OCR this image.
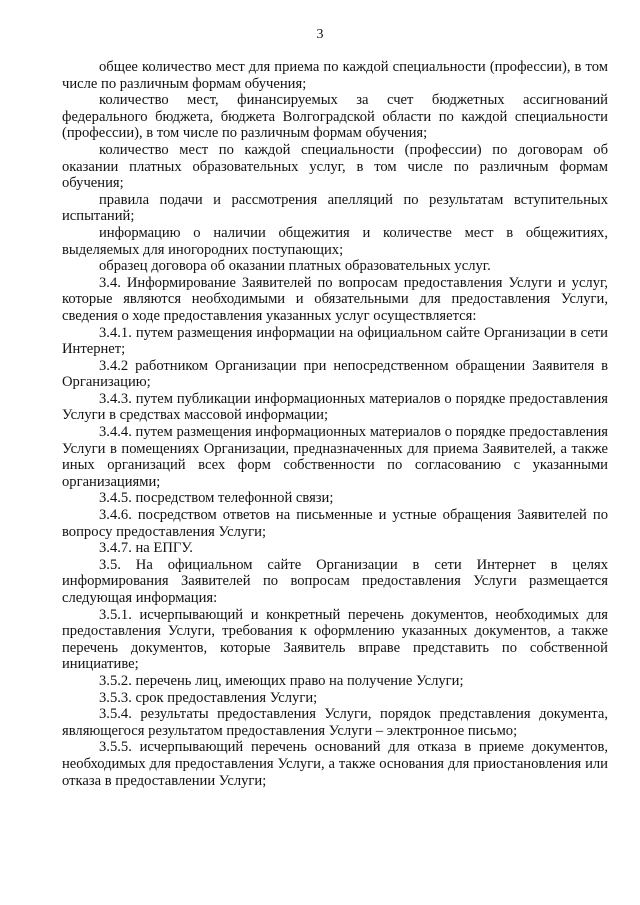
3

общее количество мест для приема по каждой специальности (профессии), в том числе по различным формам обучения;

количество мест, финансируемых за счет бюджетных ассигнований федерального бюджета, бюджета Волгоградской области по каждой специальности (профессии), в том числе по различным формам обучения;

количество мест по каждой специальности (профессии) по договорам об оказании платных образовательных услуг, в том числе по различным формам обучения;

правила подачи и рассмотрения апелляций по результатам вступительных испытаний;

информацию о наличии общежития и количестве мест в общежитиях, выделяемых для иногородних поступающих;

образец договора об оказании платных образовательных услуг.

3.4. Информирование Заявителей по вопросам предоставления Услуги и услуг, которые являются необходимыми и обязательными для предоставления Услуги, сведения о ходе предоставления указанных услуг осуществляется:

3.4.1. путем размещения информации на официальном сайте Организации в сети Интернет;

3.4.2 работником Организации при непосредственном обращении Заявителя в Организацию;

3.4.3. путем публикации информационных материалов о порядке предоставления Услуги в средствах массовой информации;

3.4.4. путем размещения информационных материалов о порядке предоставления Услуги в помещениях Организации, предназначенных для приема Заявителей, а также иных организаций всех форм собственности по согласованию с указанными организациями;

3.4.5. посредством телефонной связи;

3.4.6. посредством ответов на письменные и устные обращения Заявителей по вопросу предоставления Услуги;

3.4.7. на ЕПГУ.

3.5. На официальном сайте Организации в сети Интернет в целях информирования Заявителей по вопросам предоставления Услуги размещается следующая информация:

3.5.1. исчерпывающий и конкретный перечень документов, необходимых для предоставления Услуги, требования к оформлению указанных документов, а также перечень документов, которые Заявитель вправе представить по собственной инициативе;

3.5.2. перечень лиц, имеющих право на получение Услуги;

3.5.3. срок предоставления Услуги;

3.5.4. результаты предоставления Услуги, порядок представления документа, являющегося результатом предоставления Услуги – электронное письмо;

3.5.5. исчерпывающий перечень оснований для отказа в приеме документов, необходимых для предоставления Услуги, а также основания для приостановления или отказа в предоставлении Услуги;
